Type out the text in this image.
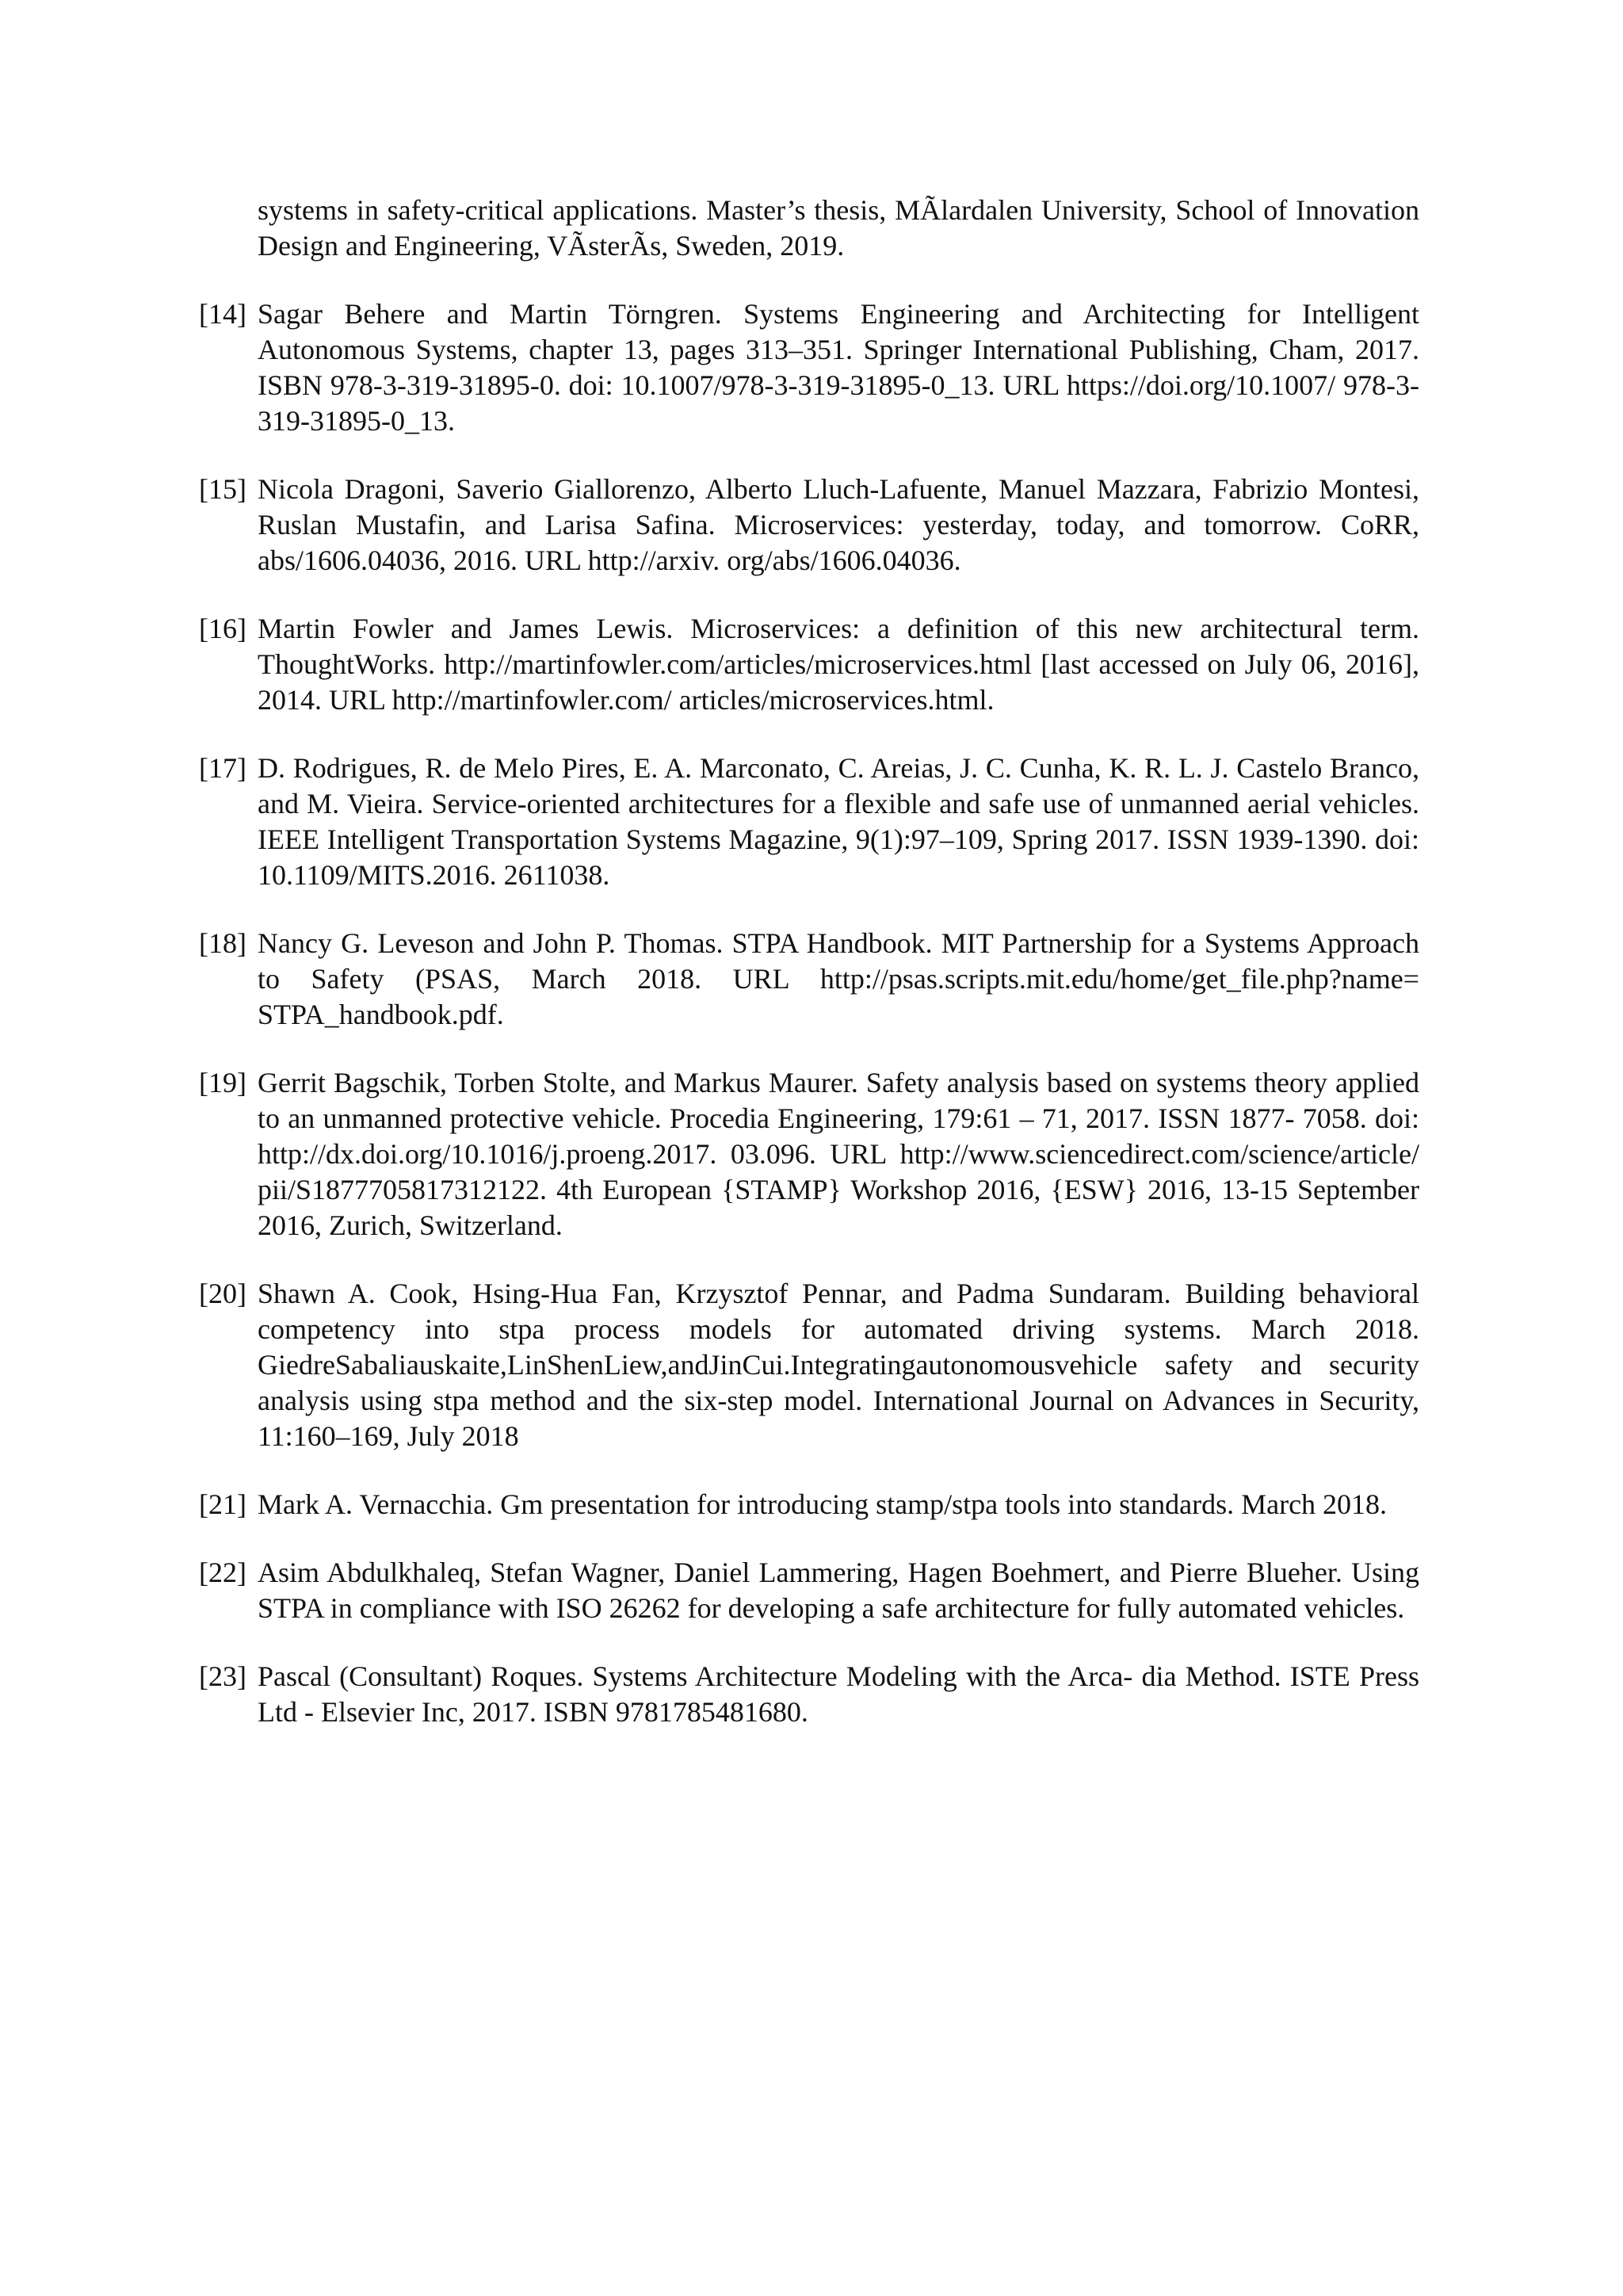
systems in safety-critical applications. Master’s thesis, MÃlardalen University, School of Innovation Design and Engineering, VÃsterÃs, Sweden, 2019.
[14] Sagar Behere and Martin Törngren. Systems Engineering and Architecting for Intelligent Autonomous Systems, chapter 13, pages 313–351. Springer International Publishing, Cham, 2017. ISBN 978-3-319-31895-0. doi: 10.1007/978-3-319-31895-0_13. URL https://doi.org/10.1007/ 978-3-319-31895-0_13.
[15] Nicola Dragoni, Saverio Giallorenzo, Alberto Lluch-Lafuente, Manuel Mazzara, Fabrizio Montesi, Ruslan Mustafin, and Larisa Safina. Microservices: yesterday, today, and tomorrow. CoRR, abs/1606.04036, 2016. URL http://arxiv. org/abs/1606.04036.
[16] Martin Fowler and James Lewis. Microservices: a definition of this new architectural term. ThoughtWorks. http://martinfowler.com/articles/microservices.html [last accessed on July 06, 2016], 2014. URL http://martinfowler.com/ articles/microservices.html.
[17] D. Rodrigues, R. de Melo Pires, E. A. Marconato, C. Areias, J. C. Cunha, K. R. L. J. Castelo Branco, and M. Vieira. Service-oriented architectures for a flexible and safe use of unmanned aerial vehicles. IEEE Intelligent Transportation Systems Magazine, 9(1):97–109, Spring 2017. ISSN 1939-1390. doi: 10.1109/MITS.2016. 2611038.
[18] Nancy G. Leveson and John P. Thomas. STPA Handbook. MIT Partnership for a Systems Approach to Safety (PSAS, March 2018. URL http://psas.scripts.mit.edu/home/get_file.php?name= STPA_handbook.pdf.
[19] Gerrit Bagschik, Torben Stolte, and Markus Maurer. Safety analysis based on systems theory applied to an unmanned protective vehicle. Procedia Engineering, 179:61 – 71, 2017. ISSN 1877- 7058. doi: http://dx.doi.org/10.1016/j.proeng.2017. 03.096. URL http://www.sciencedirect.com/science/article/ pii/S1877705817312122. 4th European {STAMP} Workshop 2016, {ESW} 2016, 13-15 September 2016, Zurich, Switzerland.
[20] Shawn A. Cook, Hsing-Hua Fan, Krzysztof Pennar, and Padma Sundaram. Building behavioral competency into stpa process models for automated driving systems. March 2018. GiedreSabaliauskaite,LinShenLiew,andJinCui.Integratingautonomousvehicle safety and security analysis using stpa method and the six-step model. International Journal on Advances in Security, 11:160–169, July 2018
[21] Mark A. Vernacchia. Gm presentation for introducing stamp/stpa tools into standards. March 2018.
[22] Asim Abdulkhaleq, Stefan Wagner, Daniel Lammering, Hagen Boehmert, and Pierre Blueher. Using STPA in compliance with ISO 26262 for developing a safe architecture for fully automated vehicles.
[23] Pascal (Consultant) Roques. Systems Architecture Modeling with the Arca- dia Method. ISTE Press Ltd - Elsevier Inc, 2017. ISBN 9781785481680.
